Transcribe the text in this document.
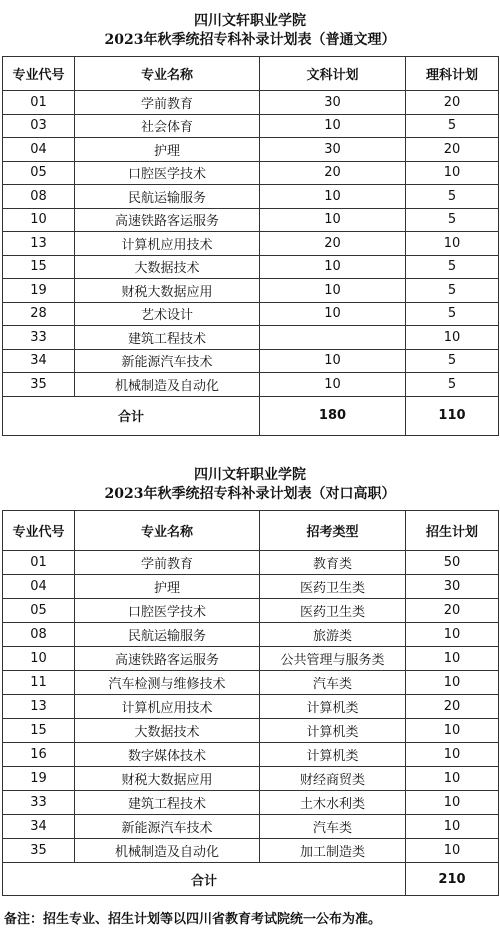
四川文轩职业学院
2023年秋季统招专科补录计划表（普通文理）
专业代号	专业名称	文科计划	理科计划
01	学前教育	30	20
03	社会体育	10	5
04	护理	30	20
05	口腔医学技术	20	10
08	民航运输服务	10	5
10	高速铁路客运服务	10	5
13	计算机应用技术	20	10
15	大数据技术	10	5
19	财税大数据应用	10	5
28	艺术设计	10	5
33	建筑工程技术		10
34	新能源汽车技术	10	5
35	机械制造及自动化	10	5
合计		180	110
四川文轩职业学院
2023年秋季统招专科补录计划表（对口高职）
专业代号	专业名称	招考类型	招生计划
01	学前教育	教育类	50
04	护理	医药卫生类	30
05	口腔医学技术	医药卫生类	20
08	民航运输服务	旅游类	10
10	高速铁路客运服务	公共管理与服务类	10
11	汽车检测与维修技术	汽车类	10
13	计算机应用技术	计算机类	20
15	大数据技术	计算机类	10
16	数字媒体技术	计算机类	10
19	财税大数据应用	财经商贸类	10
33	建筑工程技术	土木水利类	10
34	新能源汽车技术	汽车类	10
35	机械制造及自动化	加工制造类	10
合计			210
备注：招生专业、招生计划等以四川省教育考试院统一公布为准。
